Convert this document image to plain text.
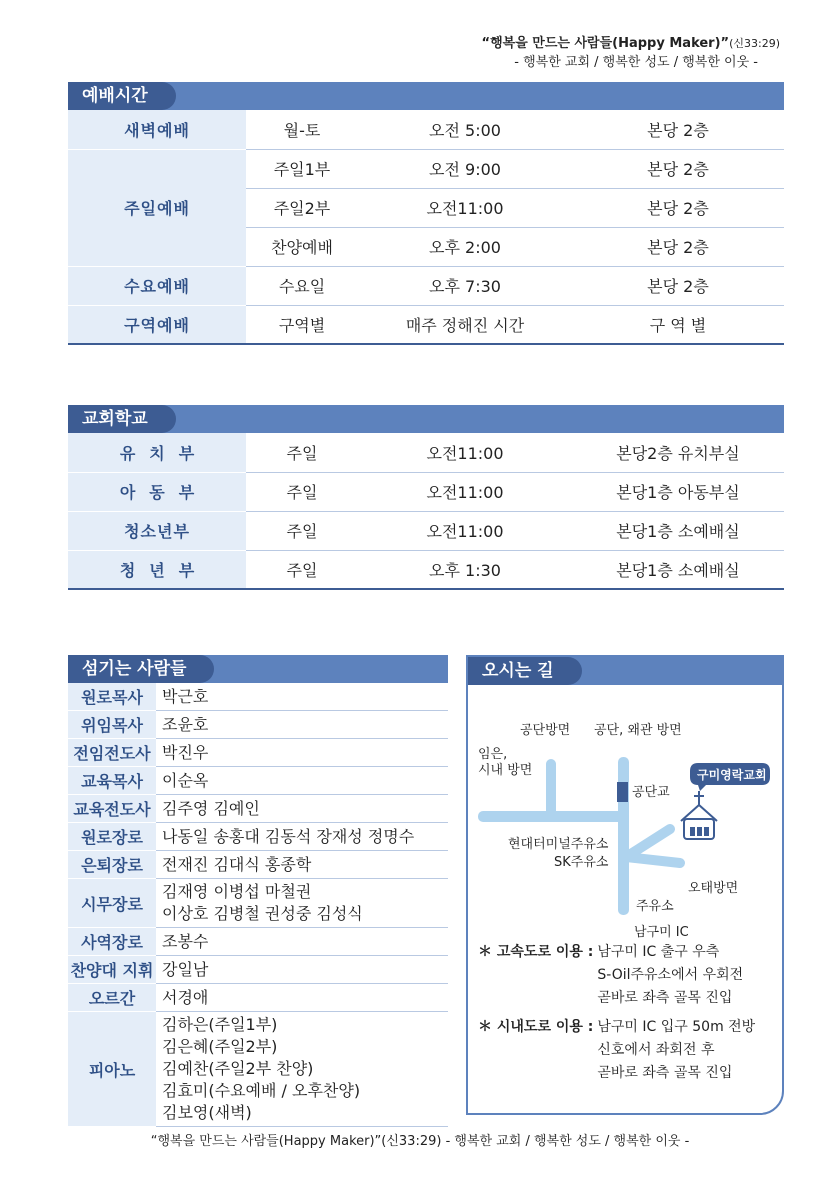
“행복을 만드는 사람들(Happy Maker)”(신33:29)
- 행복한 교회 / 행복한 성도 / 행복한 이웃 -
예배시간
새벽예배	월-토	오전 5:00	본당 2층
주일예배	주일1부	오전 9:00	본당 2층
	주일2부	오전11:00	본당 2층
	찬양예배	오후 2:00	본당 2층
수요예배	수요일	오후 7:30	본당 2층
구역예배	구역별	매주 정해진 시간	구 역 별
교회학교
유치부	주일	오전11:00	본당2층 유치부실
아동부	주일	오전11:00	본당1층 아동부실
청소년부	주일	오전11:00	본당1층 소예배실
청년부	주일	오후 1:30	본당1층 소예배실
섬기는 사람들
원로목사	박근호

위임목사	조윤호

전임전도사	박진우

교육목사	이순옥

교육전도사	김주영 김예인

원로장로	나동일 송홍대 김동석 장재성 정명수

은퇴장로	전재진 김대식 홍종학

시무장로	김재영 이병섭 마철권
이상호 김병철 권성중 김성식

사역장로	조봉수

찬양대 지휘	강일남

오르간	서경애

피아노	김하은(주일1부)
김은혜(주일2부)
김예찬(주일2부 찬양)
김효미(수요예배 / 오후찬양)
김보영(새벽)
오시는 길
공단방면 공단, 왜관 방면
임은,
시내 방면
공단교
구미영락교회
현대터미널주유소
SK주유소
오태방면
주유소
남구미 IC
＊ 고속도로 이용 : 남구미 IC 출구 우측
S-Oil주유소에서 우회전
곧바로 좌측 골목 진입
＊ 시내도로 이용 : 남구미 IC 입구 50m 전방
신호에서 좌회전 후
곧바로 좌측 골목 진입
“행복을 만드는 사람들(Happy Maker)”(신33:29) - 행복한 교회 / 행복한 성도 / 행복한 이웃 -
